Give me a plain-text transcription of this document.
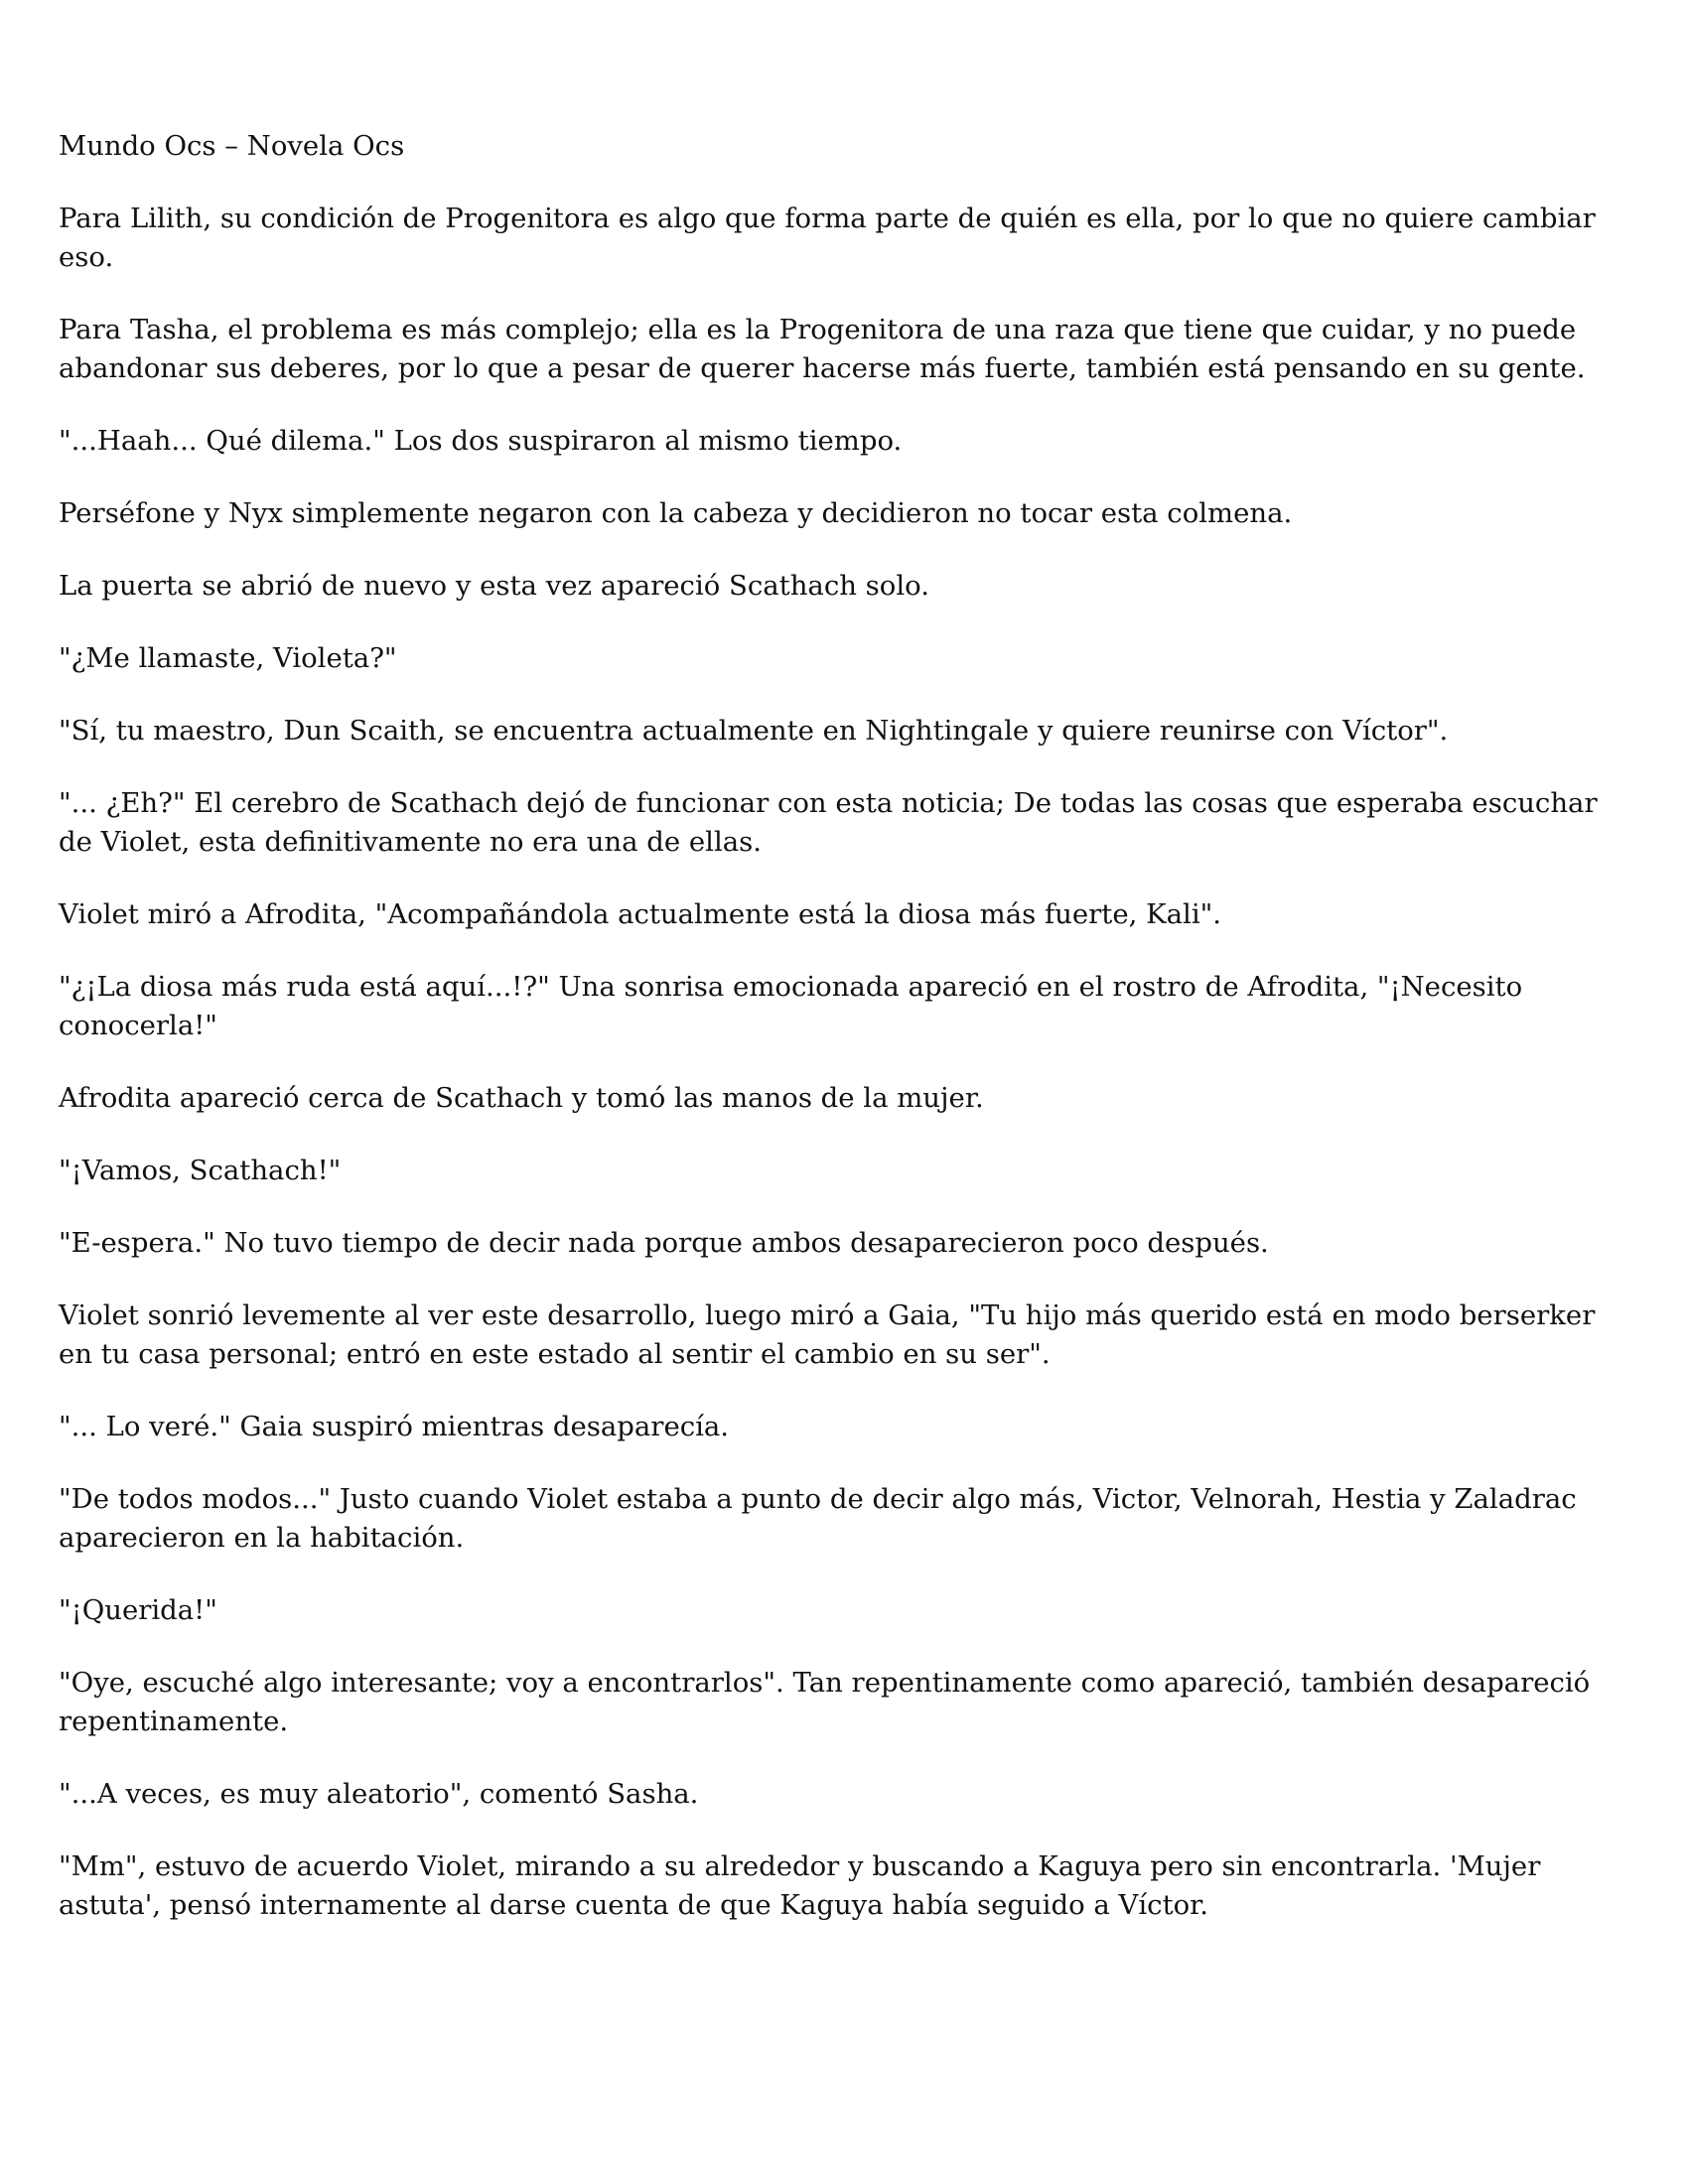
Mundo Ocs – Novela Ocs

Para Lilith, su condición de Progenitora es algo que forma parte de quién es ella, por lo que no quiere cambiar eso.

Para Tasha, el problema es más complejo; ella es la Progenitora de una raza que tiene que cuidar, y no puede abandonar sus deberes, por lo que a pesar de querer hacerse más fuerte, también está pensando en su gente.

"...Haah... Qué dilema." Los dos suspiraron al mismo tiempo.

Perséfone y Nyx simplemente negaron con la cabeza y decidieron no tocar esta colmena.

La puerta se abrió de nuevo y esta vez apareció Scathach solo.

"¿Me llamaste, Violeta?"

"Sí, tu maestro, Dun Scaith, se encuentra actualmente en Nightingale y quiere reunirse con Víctor".

"... ¿Eh?" El cerebro de Scathach dejó de funcionar con esta noticia; De todas las cosas que esperaba escuchar de Violet, esta definitivamente no era una de ellas.

Violet miró a Afrodita, "Acompañándola actualmente está la diosa más fuerte, Kali".

"¿¡La diosa más ruda está aquí...!?" Una sonrisa emocionada apareció en el rostro de Afrodita, "¡Necesito conocerla!"

Afrodita apareció cerca de Scathach y tomó las manos de la mujer.

"¡Vamos, Scathach!"

"E-espera." No tuvo tiempo de decir nada porque ambos desaparecieron poco después.

Violet sonrió levemente al ver este desarrollo, luego miró a Gaia, "Tu hijo más querido está en modo berserker en tu casa personal; entró en este estado al sentir el cambio en su ser".

"... Lo veré." Gaia suspiró mientras desaparecía.

"De todos modos..." Justo cuando Violet estaba a punto de decir algo más, Victor, Velnorah, Hestia y Zaladrac aparecieron en la habitación.

"¡Querida!"

"Oye, escuché algo interesante; voy a encontrarlos". Tan repentinamente como apareció, también desapareció repentinamente.

"...A veces, es muy aleatorio", comentó Sasha.

"Mm", estuvo de acuerdo Violet, mirando a su alrededor y buscando a Kaguya pero sin encontrarla. 'Mujer astuta', pensó internamente al darse cuenta de que Kaguya había seguido a Víctor.
